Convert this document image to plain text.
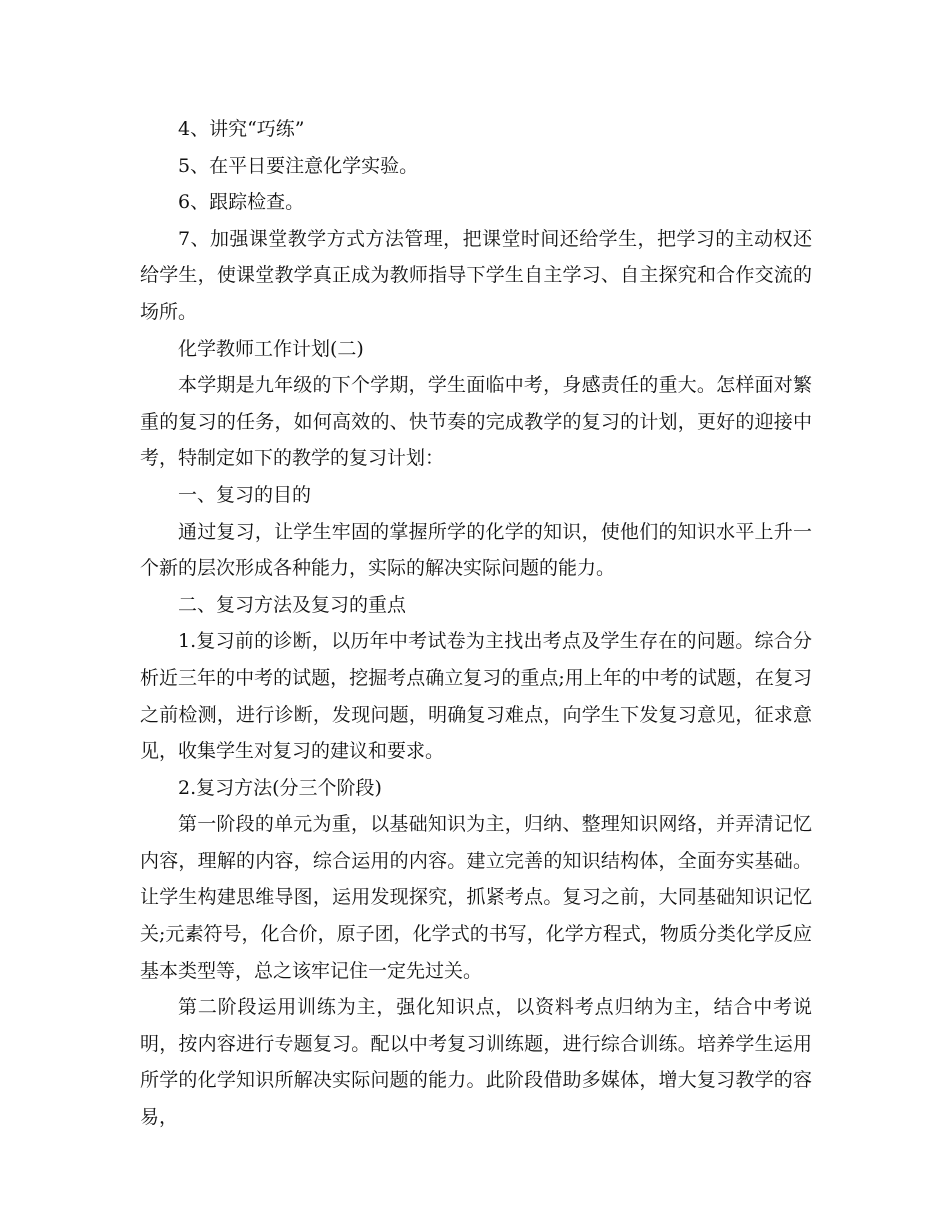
4、讲究“巧练”

5、在平日要注意化学实验。

6、跟踪检查。

7、加强课堂教学方式方法管理，把课堂时间还给学生，把学习的主动权还给学生，使课堂教学真正成为教师指导下学生自主学习、自主探究和合作交流的场所。

化学教师工作计划(二)

本学期是九年级的下个学期，学生面临中考，身感责任的重大。怎样面对繁重的复习的任务，如何高效的、快节奏的完成教学的复习的计划，更好的迎接中考，特制定如下的教学的复习计划：

一、复习的目的

通过复习，让学生牢固的掌握所学的化学的知识，使他们的知识水平上升一个新的层次形成各种能力，实际的解决实际问题的能力。

二、复习方法及复习的重点

1.复习前的诊断，以历年中考试卷为主找出考点及学生存在的问题。综合分析近三年的中考的试题，挖掘考点确立复习的重点;用上年的中考的试题，在复习之前检测，进行诊断，发现问题，明确复习难点，向学生下发复习意见，征求意见，收集学生对复习的建议和要求。

2.复习方法(分三个阶段)

第一阶段的单元为重，以基础知识为主，归纳、整理知识网络，并弄清记忆内容，理解的内容，综合运用的内容。建立完善的知识结构体，全面夯实基础。让学生构建思维导图，运用发现探究，抓紧考点。复习之前，大同基础知识记忆关;元素符号，化合价，原子团，化学式的书写，化学方程式，物质分类化学反应基本类型等，总之该牢记住一定先过关。

第二阶段运用训练为主，强化知识点，以资料考点归纳为主，结合中考说明，按内容进行专题复习。配以中考复习训练题，进行综合训练。培养学生运用所学的化学知识所解决实际问题的能力。此阶段借助多媒体，增大复习教学的容易，
